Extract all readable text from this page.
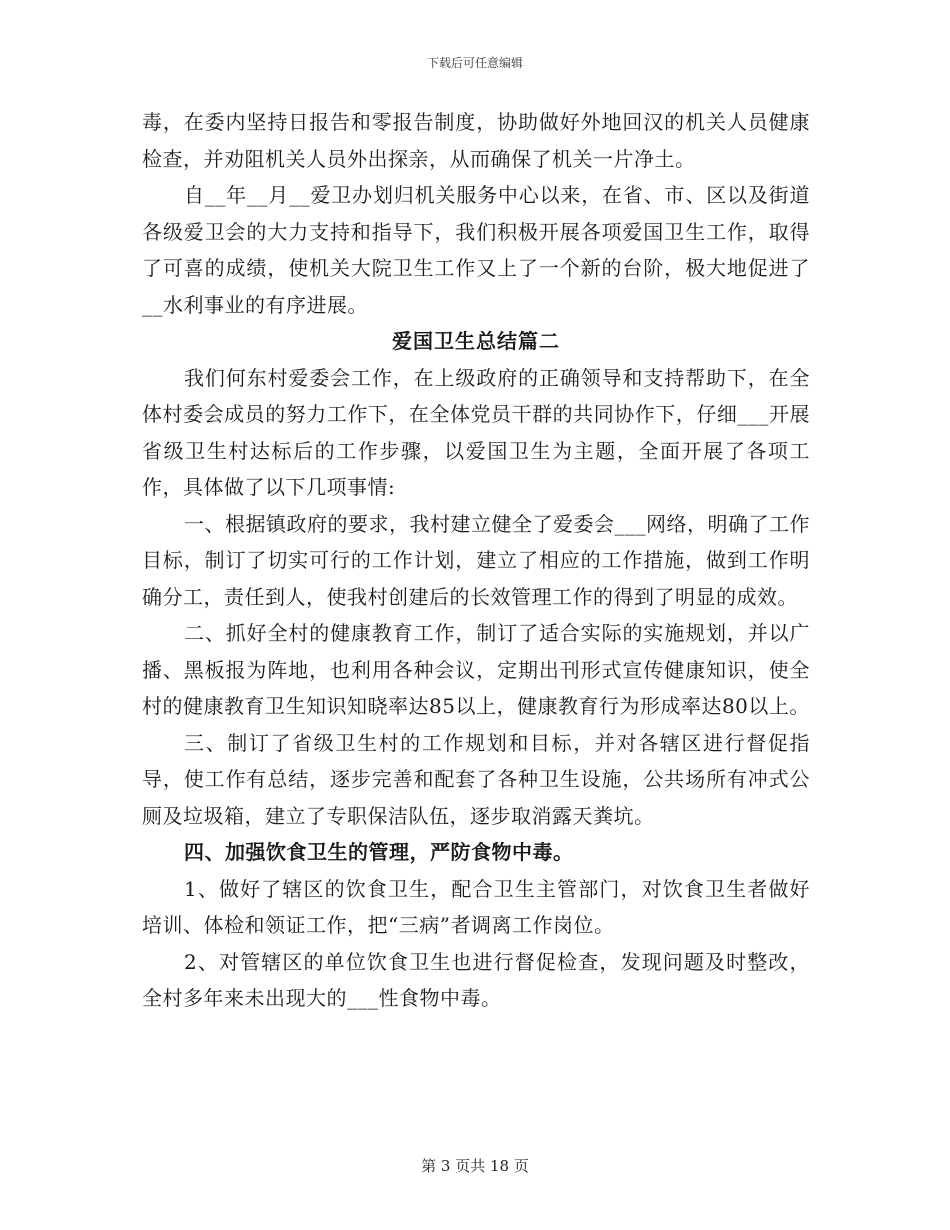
下载后可任意编辑

毒，在委内坚持日报告和零报告制度，协助做好外地回汉的机关人员健康检查，并劝阻机关人员外出探亲，从而确保了机关一片净土。

自__年__月__爱卫办划归机关服务中心以来，在省、市、区以及街道各级爱卫会的大力支持和指导下，我们积极开展各项爱国卫生工作，取得了可喜的成绩，使机关大院卫生工作又上了一个新的台阶，极大地促进了__水利事业的有序进展。

爱国卫生总结篇二

我们何东村爱委会工作，在上级政府的正确领导和支持帮助下，在全体村委会成员的努力工作下，在全体党员干群的共同协作下，仔细___开展省级卫生村达标后的工作步骤，以爱国卫生为主题，全面开展了各项工作，具体做了以下几项事情:

一、根据镇政府的要求，我村建立健全了爱委会___网络，明确了工作目标，制订了切实可行的工作计划，建立了相应的工作措施，做到工作明确分工，责任到人，使我村创建后的长效管理工作的得到了明显的成效。

二、抓好全村的健康教育工作，制订了适合实际的实施规划，并以广播、黑板报为阵地，也利用各种会议，定期出刊形式宣传健康知识，使全村的健康教育卫生知识知晓率达85以上，健康教育行为形成率达80以上。

三、制订了省级卫生村的工作规划和目标，并对各辖区进行督促指导，使工作有总结，逐步完善和配套了各种卫生设施，公共场所有冲式公厕及垃圾箱，建立了专职保洁队伍，逐步取消露天粪坑。

四、加强饮食卫生的管理，严防食物中毒。

1、做好了辖区的饮食卫生，配合卫生主管部门，对饮食卫生者做好培训、体检和领证工作，把“三病”者调离工作岗位。

2、对管辖区的单位饮食卫生也进行督促检查，发现问题及时整改，全村多年来未出现大的___性食物中毒。

第 3 页共 18 页
